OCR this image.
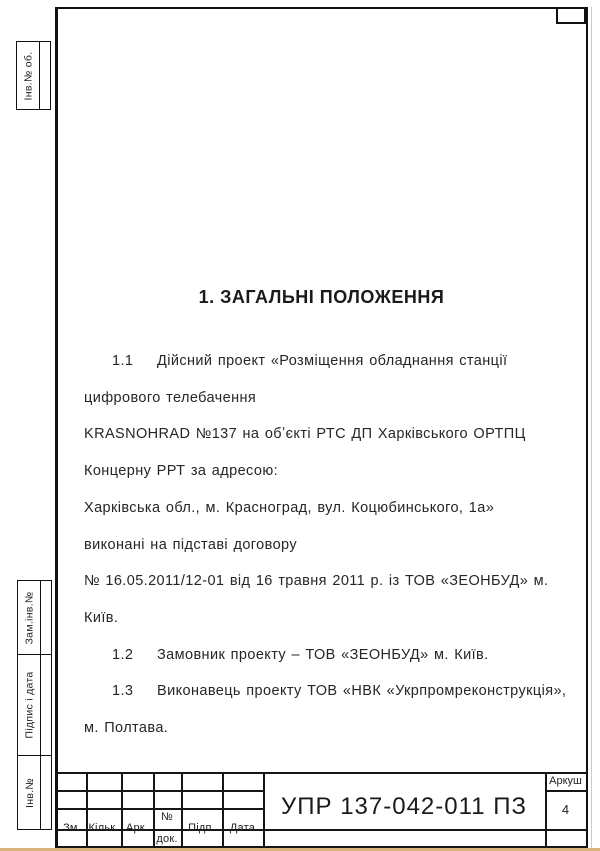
Інв.№ об.
Зам.інв.№
Підпис і дата
Інв.№
1. ЗАГАЛЬНІ ПОЛОЖЕННЯ
1.1 Дійсний проект «Розміщення обладнання станції
цифрового телебачення
KRASNOHRAD №137 на обʼєкті РТС ДП Харківського ОРТПЦ
Концерну РРТ за адресою:
Харківська обл., м. Красноград, вул. Коцюбинського, 1а»
виконані на підставі договору
№ 16.05.2011/12-01 від 16 травня 2011 р. із ТОВ «ЗЕОНБУД» м.
Київ.
1.2 Замовник проекту – ТОВ «ЗЕОНБУД» м. Київ.
1.3 Виконавець проекту ТОВ «НВК «Укрпромреконструкція»,
м. Полтава.
Зм. Кільк. Арк.
№
док.
Підп.	Дата
УПР 137-042-011 ПЗ
Аркуш
4
